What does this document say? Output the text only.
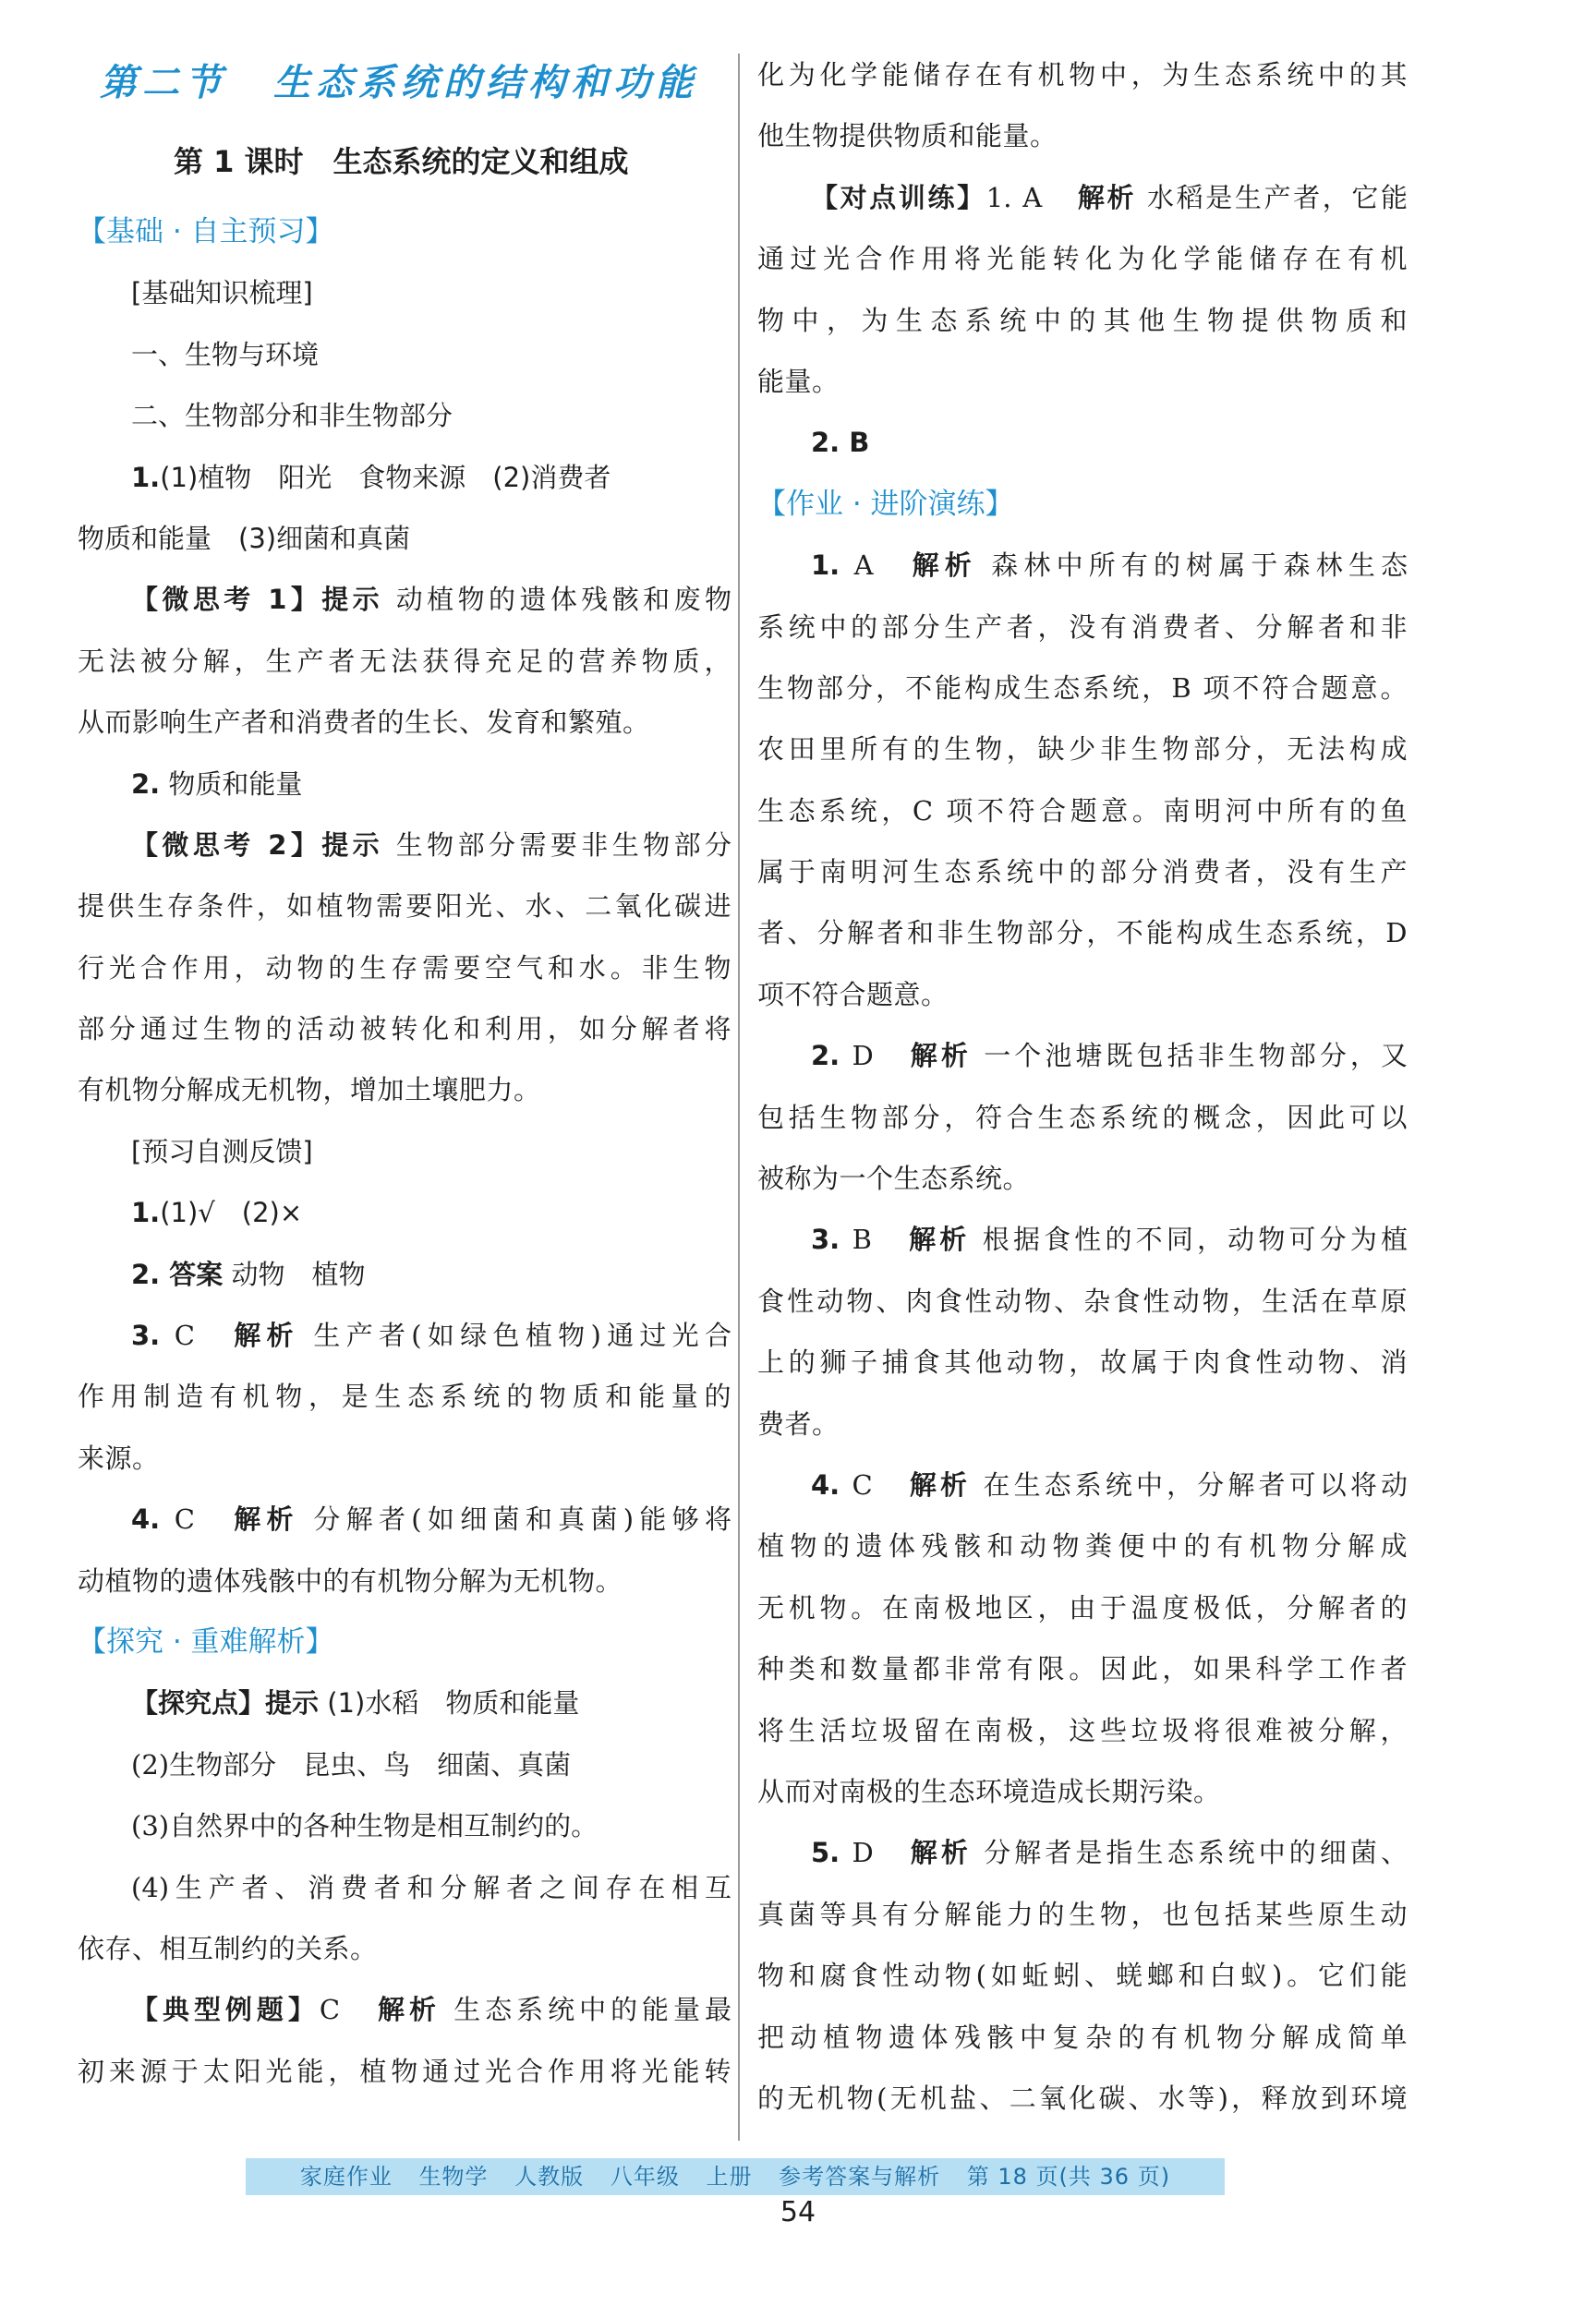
第二节 生态系统的结构和功能
第 1 课时　生态系统的定义和组成
【基础 · 自主预习】
[基础知识梳理]
一、生物与环境
二、生物部分和非生物部分
1.(1)植物　阳光　食物来源　(2)消费者
物质和能量　(3)细菌和真菌
【微思考 1】提示 动植物的遗体残骸和废物
无法被分解，生产者无法获得充足的营养物质，
从而影响生产者和消费者的生长、发育和繁殖。
2. 物质和能量
【微思考 2】提示 生物部分需要非生物部分
提供生存条件，如植物需要阳光、水、二氧化碳进
行光合作用，动物的生存需要空气和水。非生物
部分通过生物的活动被转化和利用，如分解者将
有机物分解成无机物，增加土壤肥力。
[预习自测反馈]
1.(1)√　(2)×
2. 答案 动物　植物
3. C 解析 生产者(如绿色植物)通过光合
作用制造有机物，是生态系统的物质和能量的
来源。
4. C 解析 分解者(如细菌和真菌)能够将
动植物的遗体残骸中的有机物分解为无机物。
【探究 · 重难解析】
【探究点】提示 (1)水稻　物质和能量
(2)生物部分　昆虫、鸟　细菌、真菌
(3)自然界中的各种生物是相互制约的。
(4)生产者、消费者和分解者之间存在相互
依存、相互制约的关系。
【典型例题】C 解析 生态系统中的能量最
初来源于太阳光能，植物通过光合作用将光能转
化为化学能储存在有机物中，为生态系统中的其
他生物提供物质和能量。
【对点训练】1. A 解析 水稻是生产者，它能
通过光合作用将光能转化为化学能储存在有机
物中，为生态系统中的其他生物提供物质和
能量。
2. B
【作业 · 进阶演练】
1. A 解析 森林中所有的树属于森林生态
系统中的部分生产者，没有消费者、分解者和非
生物部分，不能构成生态系统，B 项不符合题意。
农田里所有的生物，缺少非生物部分，无法构成
生态系统，C 项不符合题意。南明河中所有的鱼
属于南明河生态系统中的部分消费者，没有生产
者、分解者和非生物部分，不能构成生态系统，D
项不符合题意。
2. D 解析 一个池塘既包括非生物部分，又
包括生物部分，符合生态系统的概念，因此可以
被称为一个生态系统。
3. B 解析 根据食性的不同，动物可分为植
食性动物、肉食性动物、杂食性动物，生活在草原
上的狮子捕食其他动物，故属于肉食性动物、消
费者。
4. C 解析 在生态系统中，分解者可以将动
植物的遗体残骸和动物粪便中的有机物分解成
无机物。在南极地区，由于温度极低，分解者的
种类和数量都非常有限。因此，如果科学工作者
将生活垃圾留在南极，这些垃圾将很难被分解，
从而对南极的生态环境造成长期污染。
5. D 解析 分解者是指生态系统中的细菌、
真菌等具有分解能力的生物，也包括某些原生动
物和腐食性动物(如蚯蚓、蜣螂和白蚁)。它们能
把动植物遗体残骸中复杂的有机物分解成简单
的无机物(无机盐、二氧化碳、水等)，释放到环境
家庭作业 生物学 人教版 八年级 上册 参考答案与解析 第 18 页(共 36 页)
54
